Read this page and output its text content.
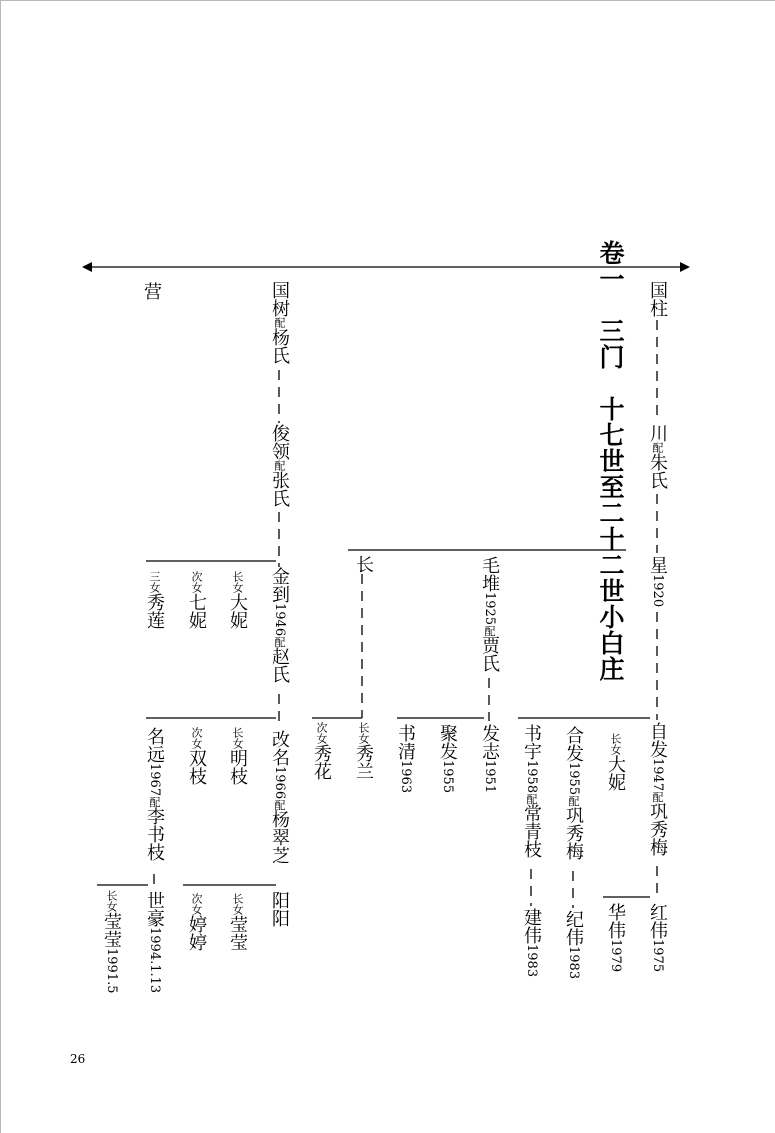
卷一　三门　十七世至二十二世小白庄
营	国树配杨氏
俊领配张氏
金到1946配赵氏
长女大妮
次女七妮
三女秀莲
改名1966配杨翠芝
长女明枝
次女双枝
名远1967配李书枝
阳阳
长女莹莹
次女婷婷
世豪1994.1.13
长女莹莹1991.5
长
长女秀兰
次女秀花
毛堆1925配贾氏
发志1951
聚发1955
书清1963
国柱
川配朱氏
星1920
自发1947配巩秀梅
长女大妮
合发1955配巩秀梅
书宇1958配常青枝
红伟1975
华伟1979
纪伟1983
建伟1983
26
